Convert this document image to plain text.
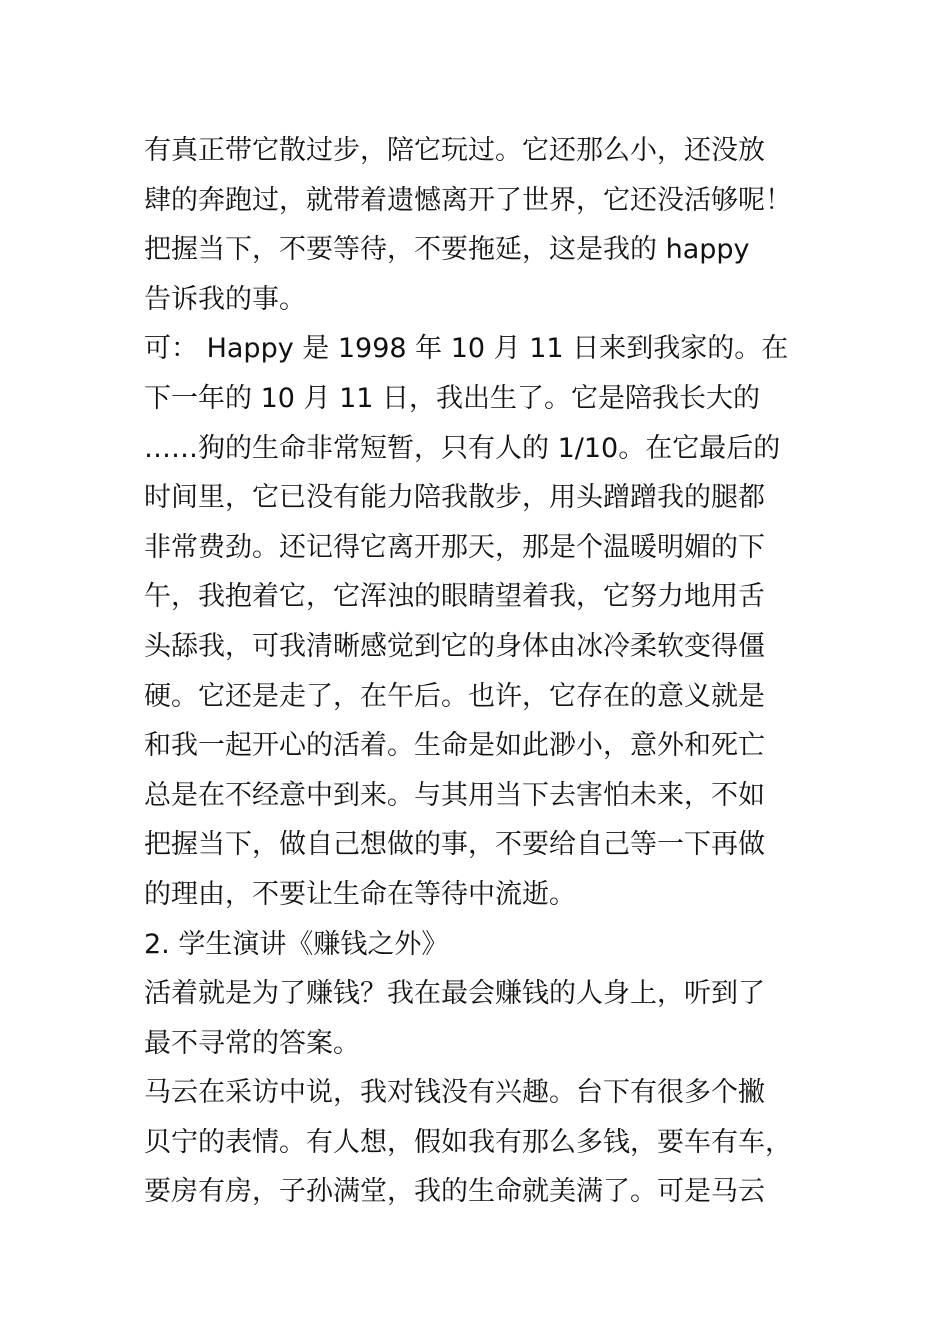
有真正带它散过步，陪它玩过。它还那么小，还没放
肆的奔跑过，就带着遗憾离开了世界，它还没活够呢！
把握当下，不要等待，不要拖延，这是我的 happy
告诉我的事。
可： Happy 是 1998 年 10 月 11 日来到我家的。在
下一年的 10 月 11 日，我出生了。它是陪我长大的
……狗的生命非常短暂，只有人的 1/10。在它最后的
时间里，它已没有能力陪我散步，用头蹭蹭我的腿都
非常费劲。还记得它离开那天，那是个温暖明媚的下
午，我抱着它，它浑浊的眼睛望着我，它努力地用舌
头舔我，可我清晰感觉到它的身体由冰冷柔软变得僵
硬。它还是走了，在午后。也许，它存在的意义就是
和我一起开心的活着。生命是如此渺小，意外和死亡
总是在不经意中到来。与其用当下去害怕未来，不如
把握当下，做自己想做的事，不要给自己等一下再做
的理由，不要让生命在等待中流逝。
2. 学生演讲《赚钱之外》
活着就是为了赚钱？我在最会赚钱的人身上，听到了
最不寻常的答案。
马云在采访中说，我对钱没有兴趣。台下有很多个撇
贝宁的表情。有人想，假如我有那么多钱，要车有车，
要房有房，子孙满堂，我的生命就美满了。可是马云
